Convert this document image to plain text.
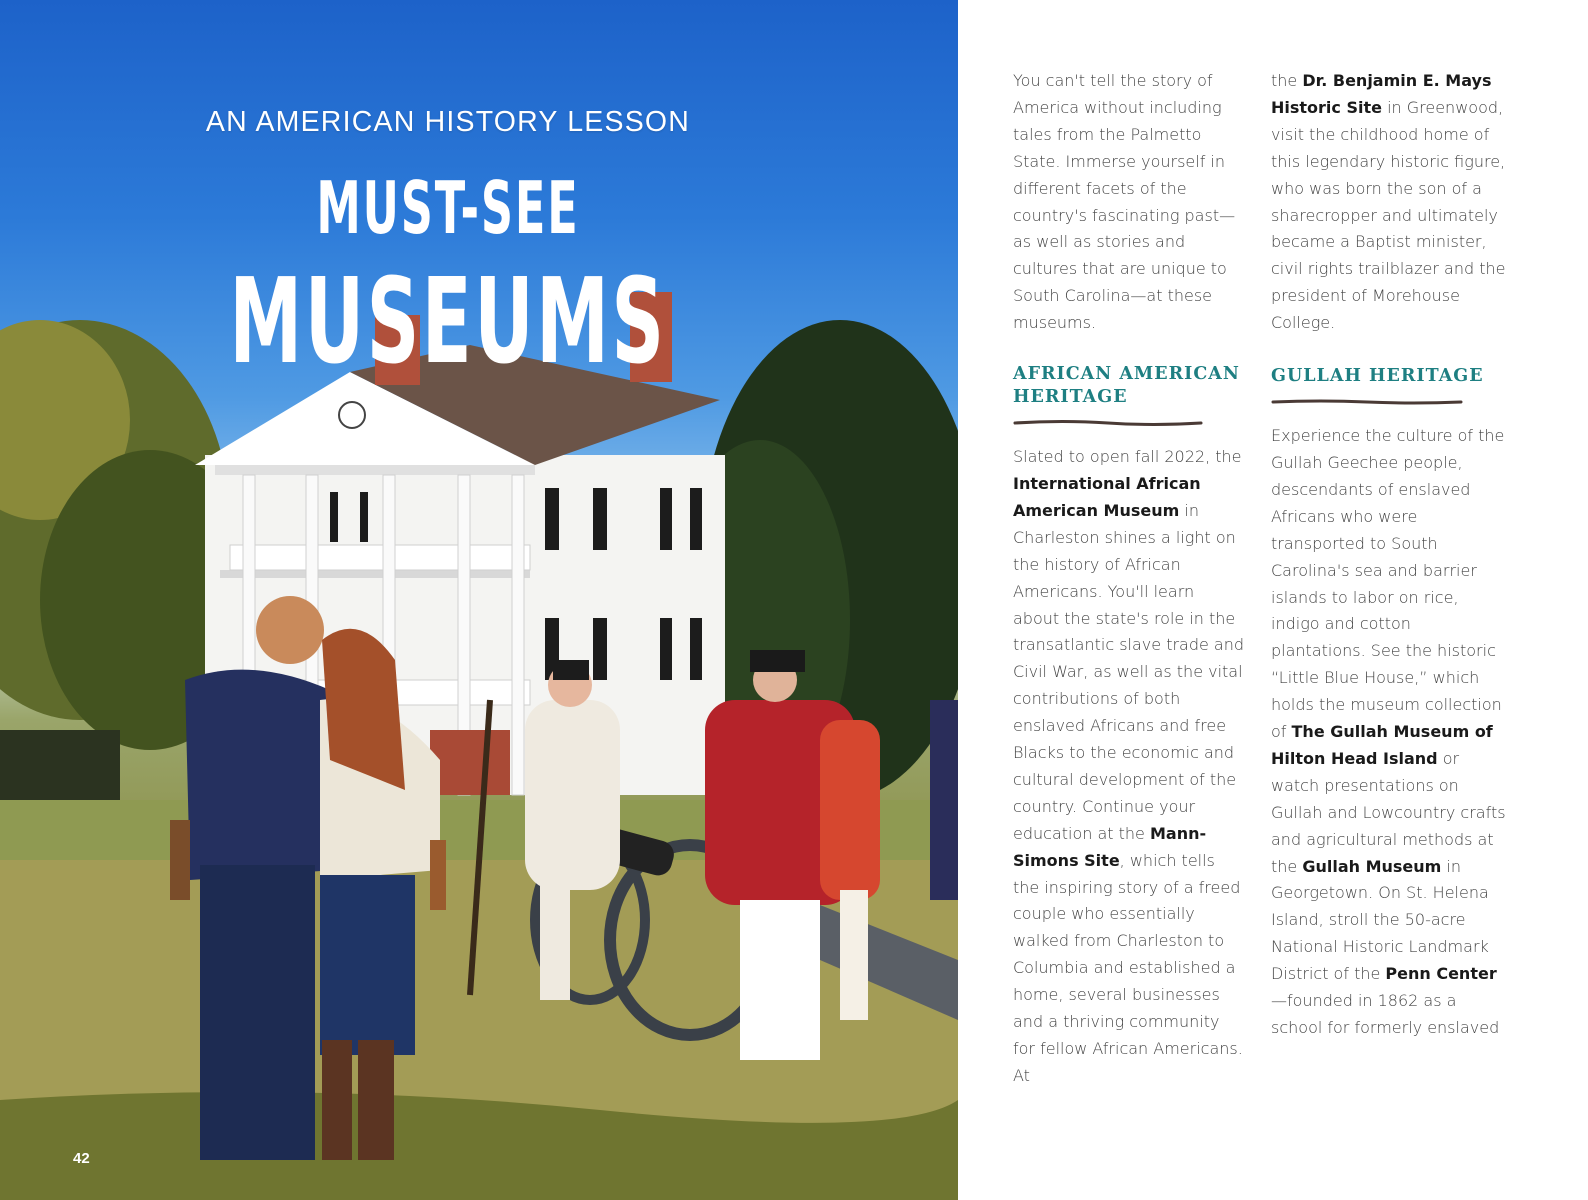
AN AMERICAN HISTORY LESSON
MUST-SEE
MUSEUMS
42

You can't tell the story of America without including tales from the Palmetto State. Immerse yourself in different facets of the country's fascinating past—as well as stories and cultures that are unique to South Carolina—at these museums.

AFRICAN AMERICAN
HERITAGE

Slated to open fall 2022, the International African American Museum in Charleston shines a light on the history of African Americans. You'll learn about the state's role in the transatlantic slave trade and Civil War, as well as the vital contributions of both enslaved Africans and free Blacks to the economic and cultural development of the country. Continue your education at the Mann-Simons Site, which tells the inspiring story of a freed couple who essentially walked from Charleston to Columbia and established a home, several businesses and a thriving community for fellow African Americans. At

the Dr. Benjamin E. Mays Historic Site in Greenwood, visit the childhood home of this legendary historic figure, who was born the son of a sharecropper and ultimately became a Baptist minister, civil rights trailblazer and the president of Morehouse College.

GULLAH HERITAGE

Experience the culture of the Gullah Geechee people, descendants of enslaved Africans who were transported to South Carolina's sea and barrier islands to labor on rice, indigo and cotton plantations. See the historic “Little Blue House,” which holds the museum collection of The Gullah Museum of Hilton Head Island or watch presentations on Gullah and Lowcountry crafts and agricultural methods at the Gullah Museum in Georgetown. On St. Helena Island, stroll the 50-acre National Historic Landmark District of the Penn Center—founded in 1862 as a school for formerly enslaved
